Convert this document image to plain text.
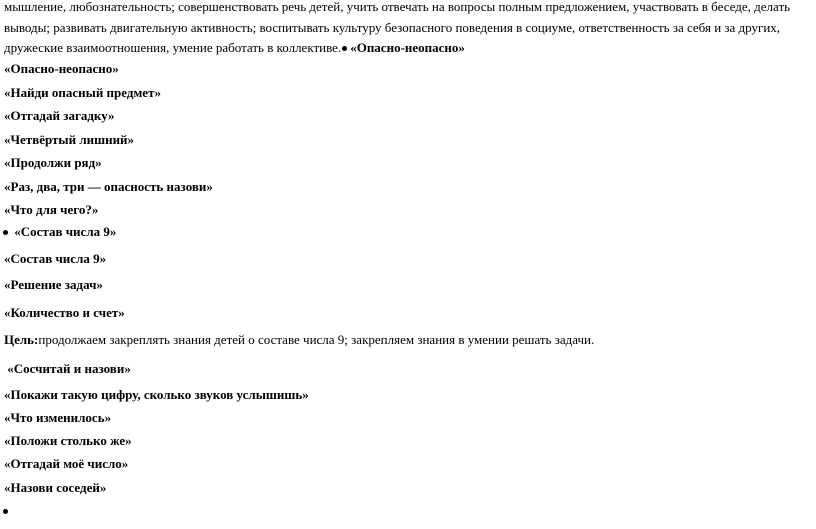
мышление, любознательность; совершенствовать речь детей, учить отвечать на вопросы полным предложением, участвовать в беседе, делать

выводы; развивать двигательную активность; воспитывать культуру безопасного поведения в социуме, ответственность за себя и за других,

дружеские взаимоотношения, умение работать в коллективе. «Опасно-неопасно»
«Опасно-неопасно»
«Найди опасный предмет»
«Отгадай загадку»
«Четвёртый лишний»
«Продолжи ряд»
«Раз, два, три — опасность назови»
«Что для чего?»
«Состав числа 9»
«Состав числа 9»
«Решение задач»
«Количество и счет»
Цель:продолжаем закреплять знания детей о составе числа 9; закрепляем знания в умении решать задачи.
«Сосчитай и назови»
«Покажи такую цифру, сколько звуков услышишь»
«Что изменилось»
«Положи столько же»
«Отгадай моё число»
«Назови соседей»
